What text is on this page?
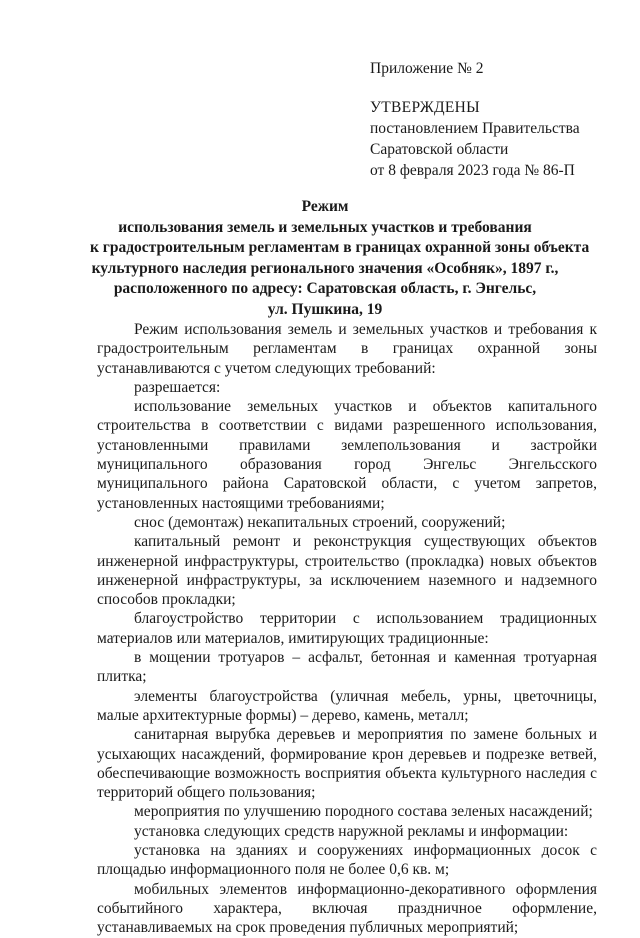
Приложение № 2
УТВЕРЖДЕНЫ
постановлением Правительства
Саратовской области
от 8 февраля 2023 года № 86-П
Режим
использования земель и земельных участков и требования
к градостроительным регламентам в границах охранной зоны объекта
культурного наследия регионального значения «Особняк», 1897 г.,
расположенного по адресу: Саратовская область, г. Энгельс,
ул. Пушкина, 19

Режим использования земель и земельных участков и требования к градостроительным регламентам в границах охранной зоны устанавливаются с учетом следующих требований:

разрешается:

использование земельных участков и объектов капитального строительства в соответствии с видами разрешенного использования, установленными правилами землепользования и застройки муниципального образования город Энгельс Энгельсского муниципального района Саратовской области, с учетом запретов, установленных настоящими требованиями;

снос (демонтаж) некапитальных строений, сооружений;

капитальный ремонт и реконструкция существующих объектов инженерной инфраструктуры, строительство (прокладка) новых объектов инженерной инфраструктуры, за исключением наземного и надземного способов прокладки;

благоустройство территории с использованием традиционных материалов или материалов, имитирующих традиционные:

в мощении тротуаров – асфальт, бетонная и каменная тротуарная плитка;

элементы благоустройства (уличная мебель, урны, цветочницы, малые архитектурные формы) – дерево, камень, металл;

санитарная вырубка деревьев и мероприятия по замене больных и усыхающих насаждений, формирование крон деревьев и подрезке ветвей, обеспечивающие возможность восприятия объекта культурного наследия с территорий общего пользования;

мероприятия по улучшению породного состава зеленых насаждений;

установка следующих средств наружной рекламы и информации:

установка на зданиях и сооружениях информационных досок с площадью информационного поля не более 0,6 кв. м;

мобильных элементов информационно-декоративного оформления событийного характера, включая праздничное оформление, устанавливаемых на срок проведения публичных мероприятий;
